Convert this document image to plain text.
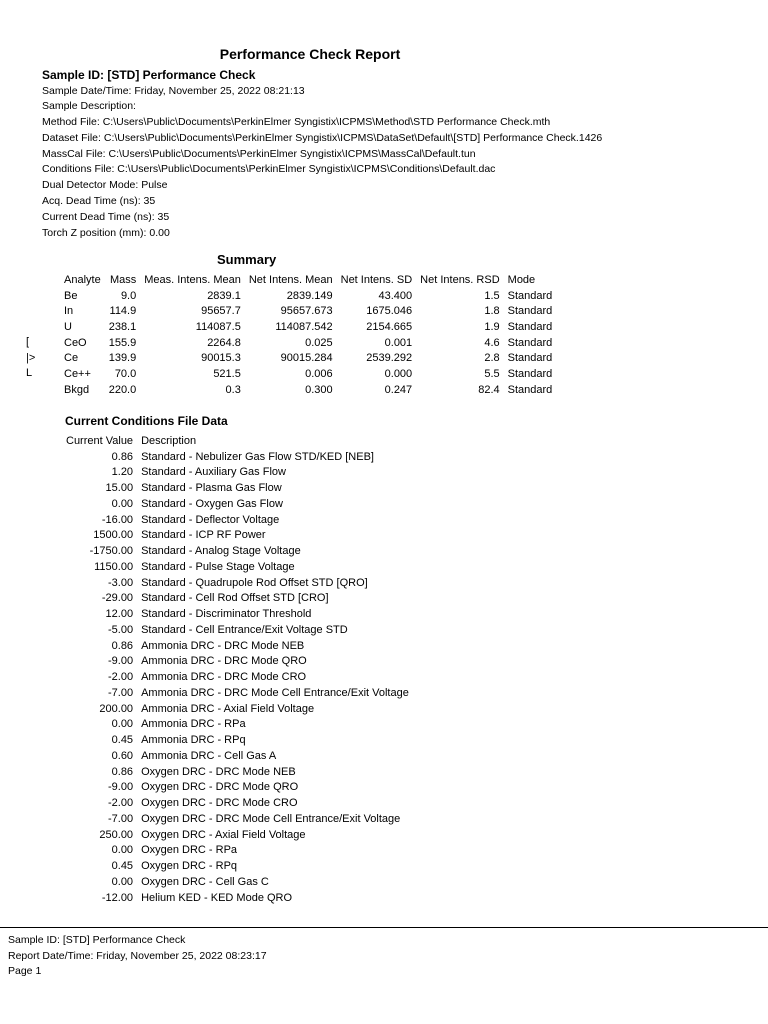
Performance Check Report
Sample ID: [STD] Performance Check
Sample Date/Time: Friday, November 25, 2022 08:21:13
Sample Description:
Method File: C:\Users\Public\Documents\PerkinElmer Syngistix\ICPMS\Method\STD Performance Check.mth
Dataset File: C:\Users\Public\Documents\PerkinElmer Syngistix\ICPMS\DataSet\Default\[STD] Performance Check.1426
MassCal File: C:\Users\Public\Documents\PerkinElmer Syngistix\ICPMS\MassCal\Default.tun
Conditions File: C:\Users\Public\Documents\PerkinElmer Syngistix\ICPMS\Conditions\Default.dac
Dual Detector Mode: Pulse
Acq. Dead Time (ns): 35
Current Dead Time (ns): 35
Torch Z position (mm): 0.00
Summary
Analyte	Mass	Meas. Intens. Mean	Net Intens. Mean	Net Intens. SD	Net Intens. RSD	Mode
Be	9.0	2839.1	2839.149	43.400	1.5	Standard
In	114.9	95657.7	95657.673	1675.046	1.8	Standard
U	238.1	114087.5	114087.542	2154.665	1.9	Standard
CeO	155.9	2264.8	0.025	0.001	4.6	Standard
Ce	139.9	90015.3	90015.284	2539.292	2.8	Standard
Ce++	70.0	521.5	0.006	0.000	5.5	Standard
Bkgd	220.0	0.3	0.300	0.247	82.4	Standard
[
|>
L
Current Conditions File Data
Current Value	Description
0.86	Standard - Nebulizer Gas Flow STD/KED [NEB]
1.20	Standard - Auxiliary Gas Flow
15.00	Standard - Plasma Gas Flow
0.00	Standard - Oxygen Gas Flow
-16.00	Standard - Deflector Voltage
1500.00	Standard - ICP RF Power
-1750.00	Standard - Analog Stage Voltage
1150.00	Standard - Pulse Stage Voltage
-3.00	Standard - Quadrupole Rod Offset STD [QRO]
-29.00	Standard - Cell Rod Offset STD [CRO]
12.00	Standard - Discriminator Threshold
-5.00	Standard - Cell Entrance/Exit Voltage STD
0.86	Ammonia DRC - DRC Mode NEB
-9.00	Ammonia DRC - DRC Mode QRO
-2.00	Ammonia DRC - DRC Mode CRO
-7.00	Ammonia DRC - DRC Mode Cell Entrance/Exit Voltage
200.00	Ammonia DRC - Axial Field Voltage
0.00	Ammonia DRC - RPa
0.45	Ammonia DRC - RPq
0.60	Ammonia DRC - Cell Gas A
0.86	Oxygen DRC - DRC Mode NEB
-9.00	Oxygen DRC - DRC Mode QRO
-2.00	Oxygen DRC - DRC Mode CRO
-7.00	Oxygen DRC - DRC Mode Cell Entrance/Exit Voltage
250.00	Oxygen DRC - Axial Field Voltage
0.00	Oxygen DRC - RPa
0.45	Oxygen DRC - RPq
0.00	Oxygen DRC - Cell Gas C
-12.00	Helium KED - KED Mode QRO
Sample ID: [STD] Performance Check
Report Date/Time: Friday, November 25, 2022 08:23:17
Page 1
